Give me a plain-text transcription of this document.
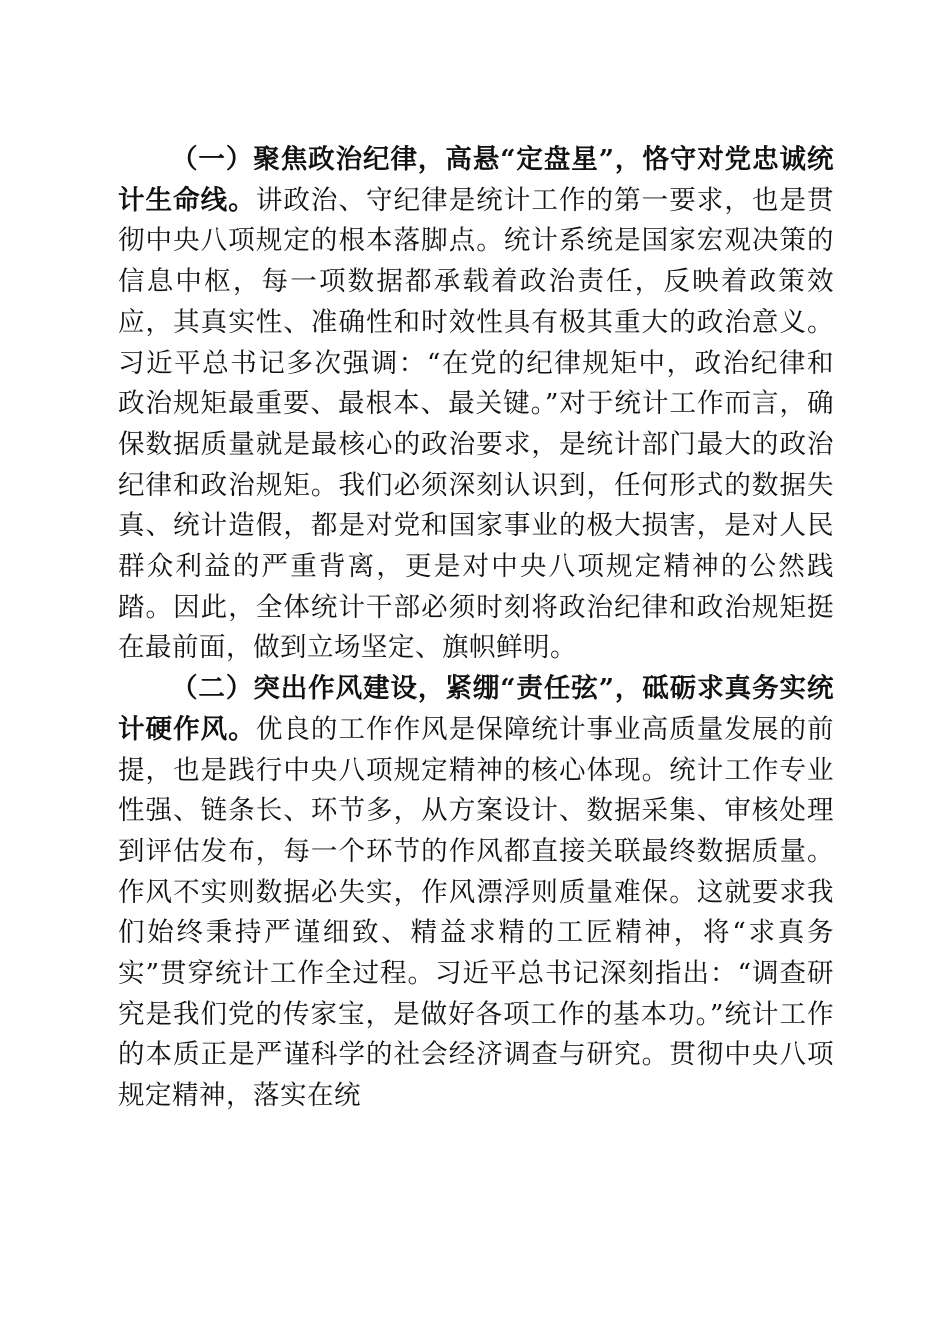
（一）聚焦政治纪律，高悬“定盘星”，恪守对党忠诚统计生命线。讲政治、守纪律是统计工作的第一要求，也是贯彻中央八项规定的根本落脚点。统计系统是国家宏观决策的信息中枢，每一项数据都承载着政治责任，反映着政策效应，其真实性、准确性和时效性具有极其重大的政治意义。习近平总书记多次强调：“在党的纪律规矩中，政治纪律和政治规矩最重要、最根本、最关键。”对于统计工作而言，确保数据质量就是最核心的政治要求，是统计部门最大的政治纪律和政治规矩。我们必须深刻认识到，任何形式的数据失真、统计造假，都是对党和国家事业的极大损害，是对人民群众利益的严重背离，更是对中央八项规定精神的公然践踏。因此，全体统计干部必须时刻将政治纪律和政治规矩挺在最前面，做到立场坚定、旗帜鲜明。

（二）突出作风建设，紧绷“责任弦”，砥砺求真务实统计硬作风。优良的工作作风是保障统计事业高质量发展的前提，也是践行中央八项规定精神的核心体现。统计工作专业性强、链条长、环节多，从方案设计、数据采集、审核处理到评估发布，每一个环节的作风都直接关联最终数据质量。作风不实则数据必失实，作风漂浮则质量难保。这就要求我们始终秉持严谨细致、精益求精的工匠精神，将“求真务实”贯穿统计工作全过程。习近平总书记深刻指出：“调查研究是我们党的传家宝，是做好各项工作的基本功。”统计工作的本质正是严谨科学的社会经济调查与研究。贯彻中央八项规定精神，落实在统
